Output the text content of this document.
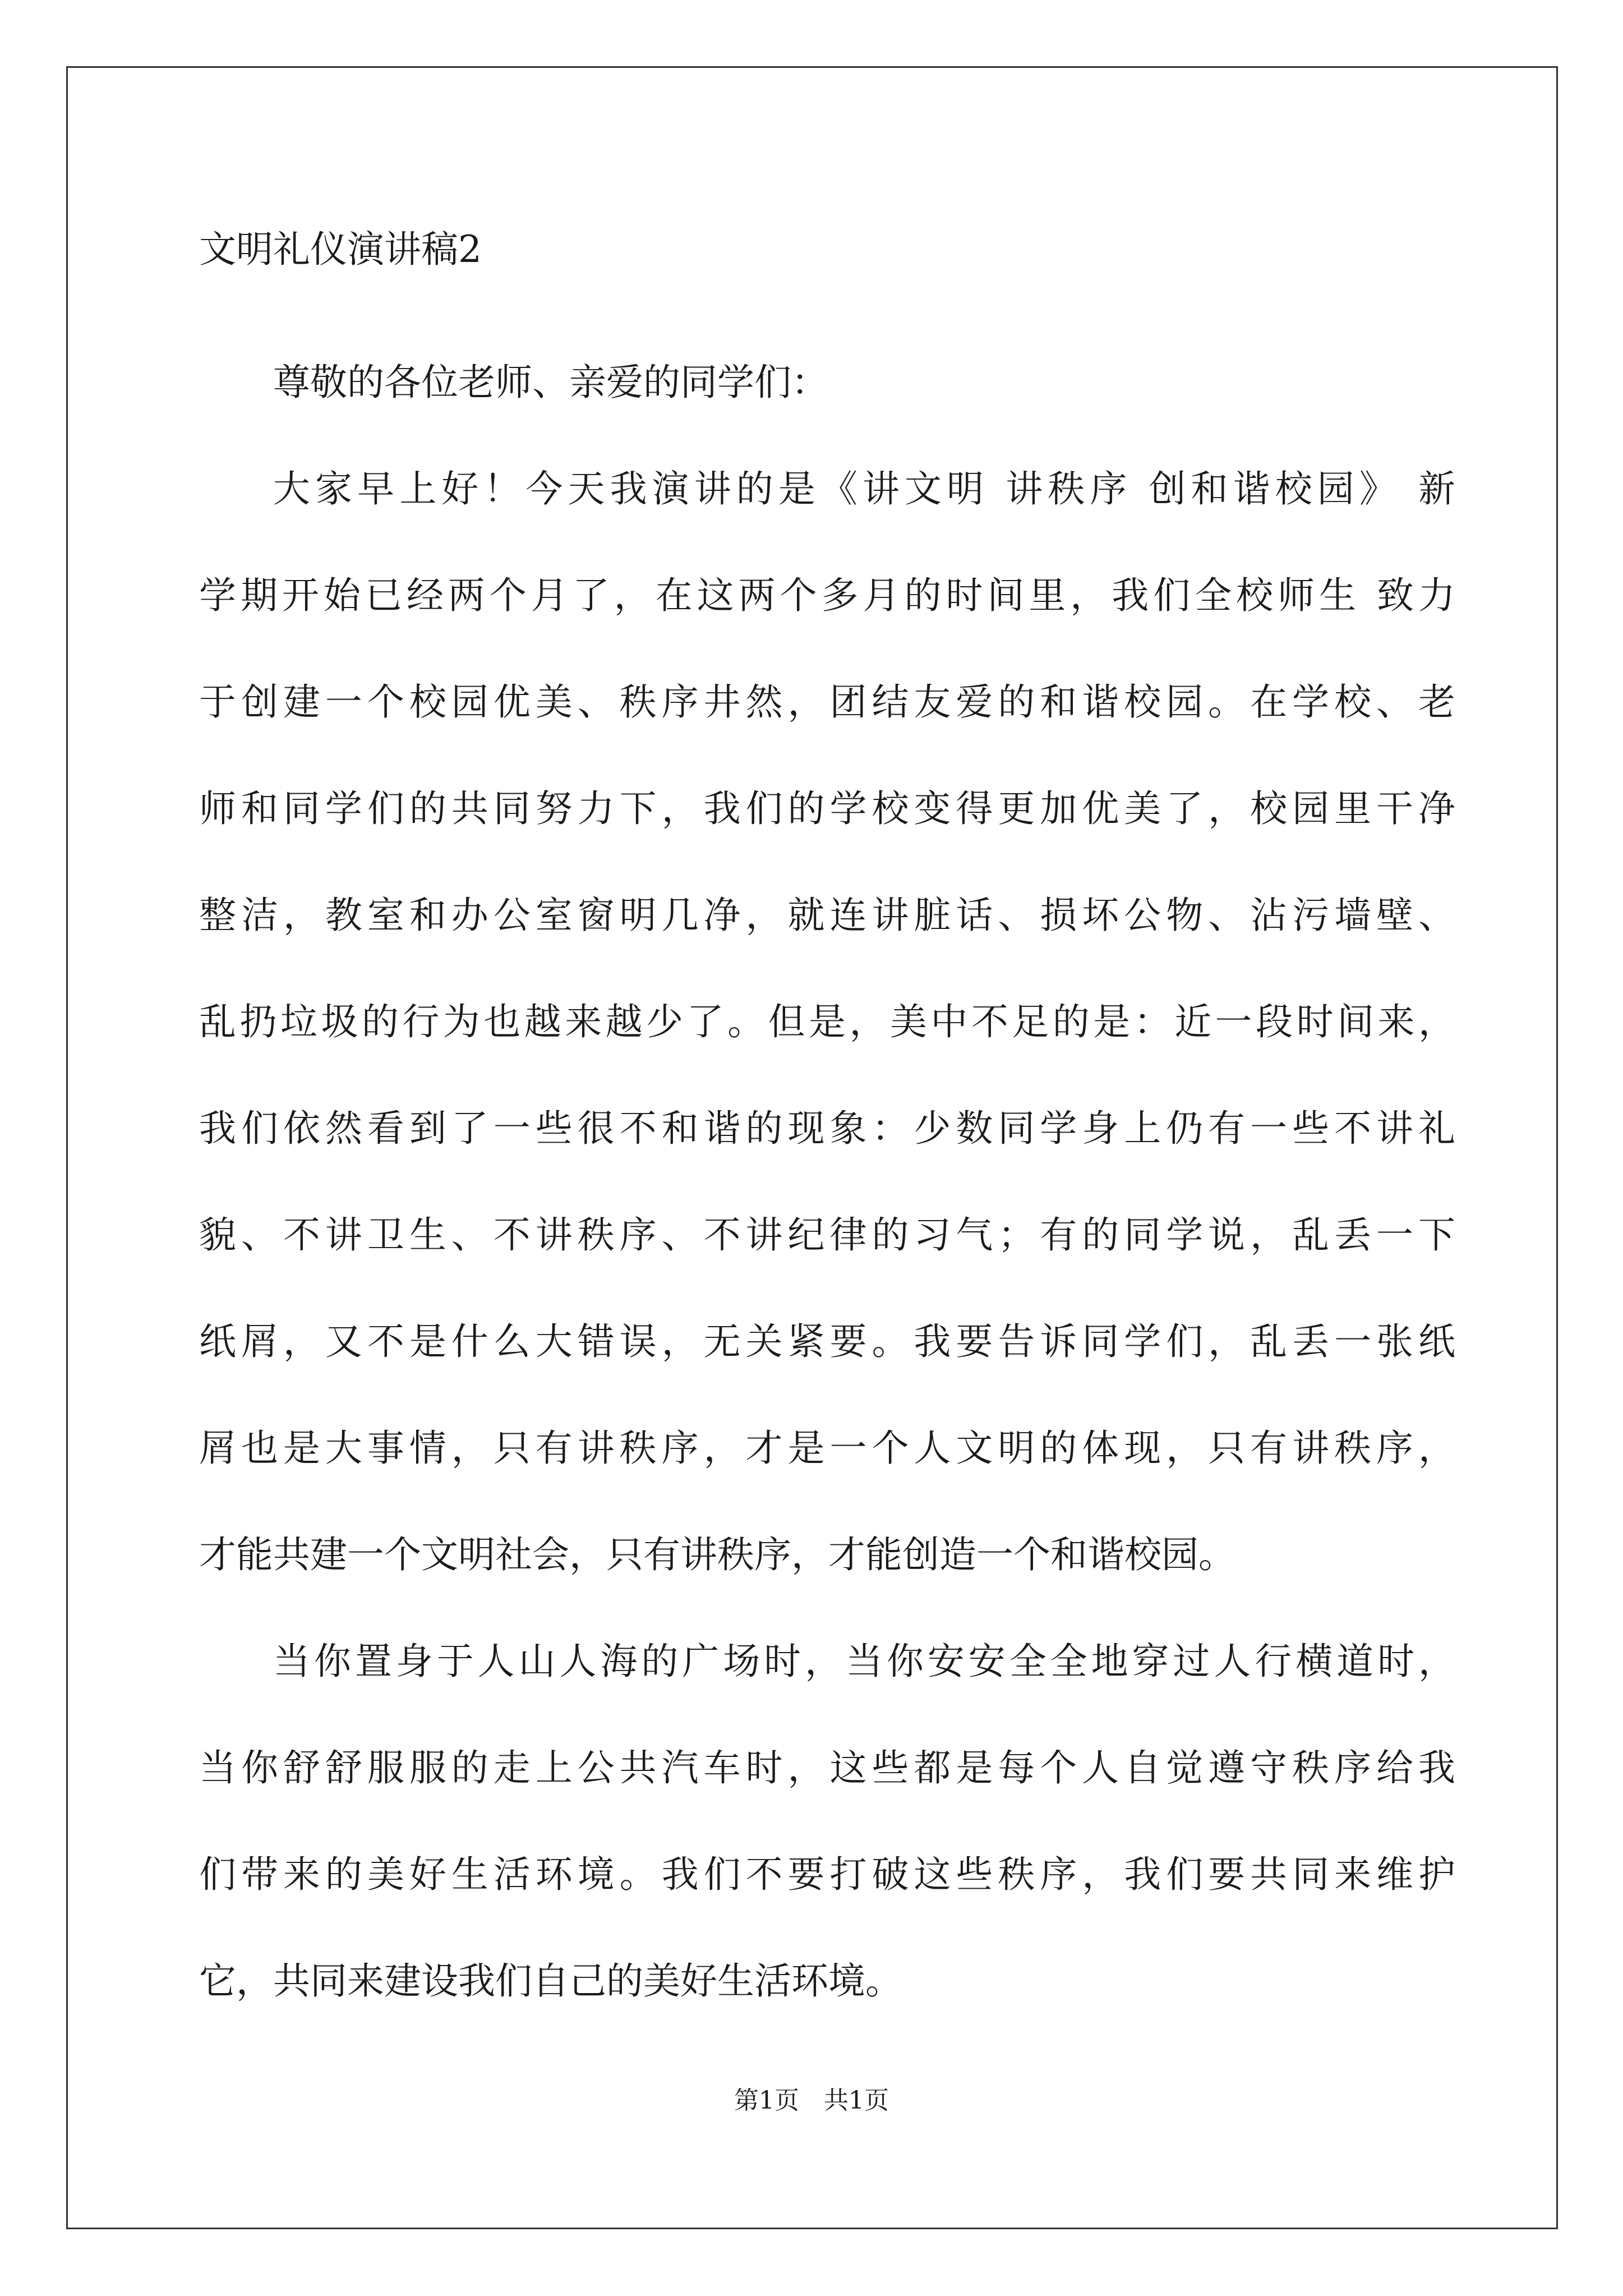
文明礼仪演讲稿2
尊敬的各位老师、亲爱的同学们：
大家早上好！今天我演讲的是《讲文明 讲秩序 创和谐校园》 新
学期开始已经两个月了，在这两个多月的时间里，我们全校师生 致力
于创建一个校园优美、秩序井然，团结友爱的和谐校园。在学校、老
师和同学们的共同努力下，我们的学校变得更加优美了，校园里干净
整洁，教室和办公室窗明几净，就连讲脏话、损坏公物、沾污墙壁、
乱扔垃圾的行为也越来越少了。但是，美中不足的是：近一段时间来，
我们依然看到了一些很不和谐的现象：少数同学身上仍有一些不讲礼
貌、不讲卫生、不讲秩序、不讲纪律的习气；有的同学说，乱丢一下
纸屑，又不是什么大错误，无关紧要。我要告诉同学们，乱丢一张纸
屑也是大事情，只有讲秩序，才是一个人文明的体现，只有讲秩序，
才能共建一个文明社会，只有讲秩序，才能创造一个和谐校园。
当你置身于人山人海的广场时，当你安安全全地穿过人行横道时，
当你舒舒服服的走上公共汽车时，这些都是每个人自觉遵守秩序给我
们带来的美好生活环境。我们不要打破这些秩序，我们要共同来维护
它，共同来建设我们自己的美好生活环境。
第1页　共1页
